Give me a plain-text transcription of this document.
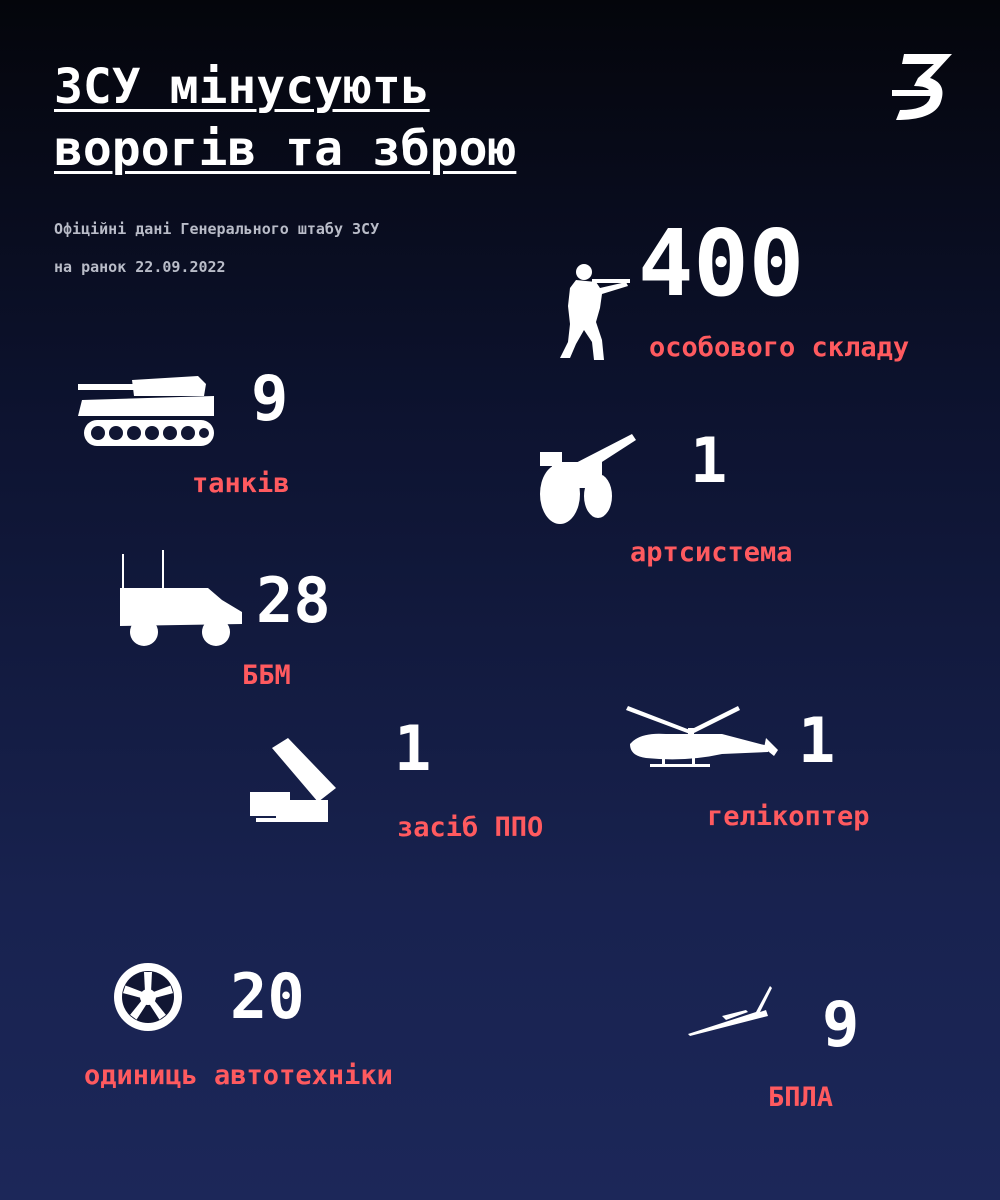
ЗСУ мінусують
ворогів та зброю
Офіційні дані Генерального штабу ЗСУ
на ранок 22.09.2022	400
особового складу
9
танків	1
артсистема
28
ББМ
1
засіб ППО
1
гелікоптер
20
одиниць автотехніки
9
БПЛА
